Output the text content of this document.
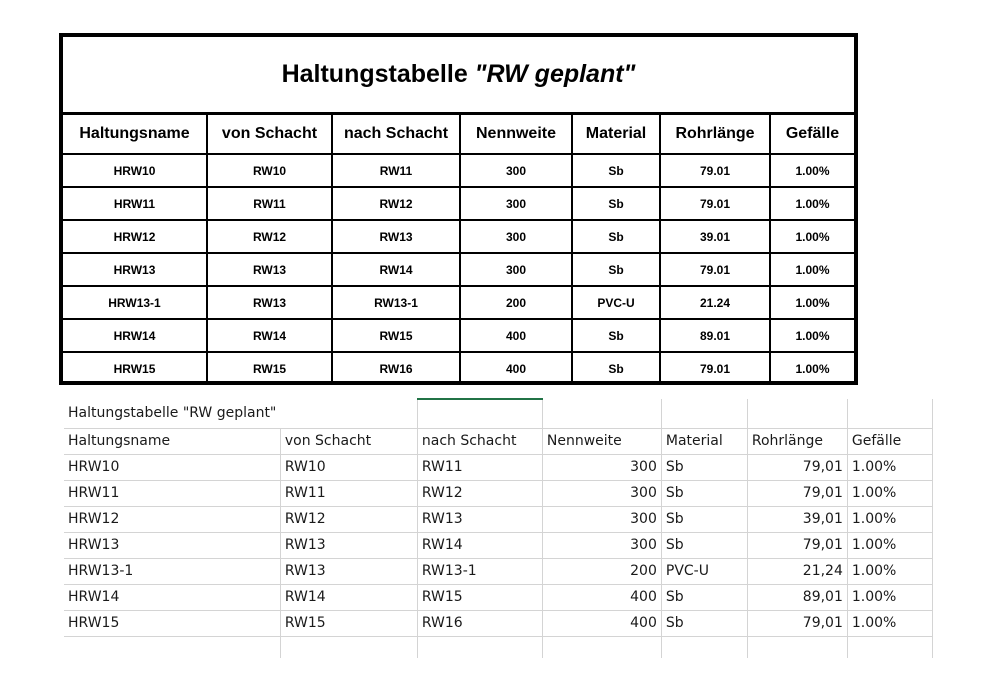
Haltungstabelle "RW geplant"
Haltungsname	von Schacht	nach Schacht	Nennweite	Material	Rohrlänge	Gefälle
HRW10	RW10	RW11	300	Sb	79.01	1.00%
HRW11	RW11	RW12	300	Sb	79.01	1.00%
HRW12	RW12	RW13	300	Sb	39.01	1.00%
HRW13	RW13	RW14	300	Sb	79.01	1.00%
HRW13-1	RW13	RW13-1	200	PVC-U	21.24	1.00%
HRW14	RW14	RW15	400	Sb	89.01	1.00%
HRW15	RW15	RW16	400	Sb	79.01	1.00%
Haltungstabelle "RW geplant"						
Haltungsname	von Schacht	nach Schacht	Nennweite	Material	Rohrlänge	Gefälle
HRW10	RW10	RW11	300	Sb	79,01	1.00%
HRW11	RW11	RW12	300	Sb	79,01	1.00%
HRW12	RW12	RW13	300	Sb	39,01	1.00%
HRW13	RW13	RW14	300	Sb	79,01	1.00%
HRW13-1	RW13	RW13-1	200	PVC-U	21,24	1.00%
HRW14	RW14	RW15	400	Sb	89,01	1.00%
HRW15	RW15	RW16	400	Sb	79,01	1.00%
